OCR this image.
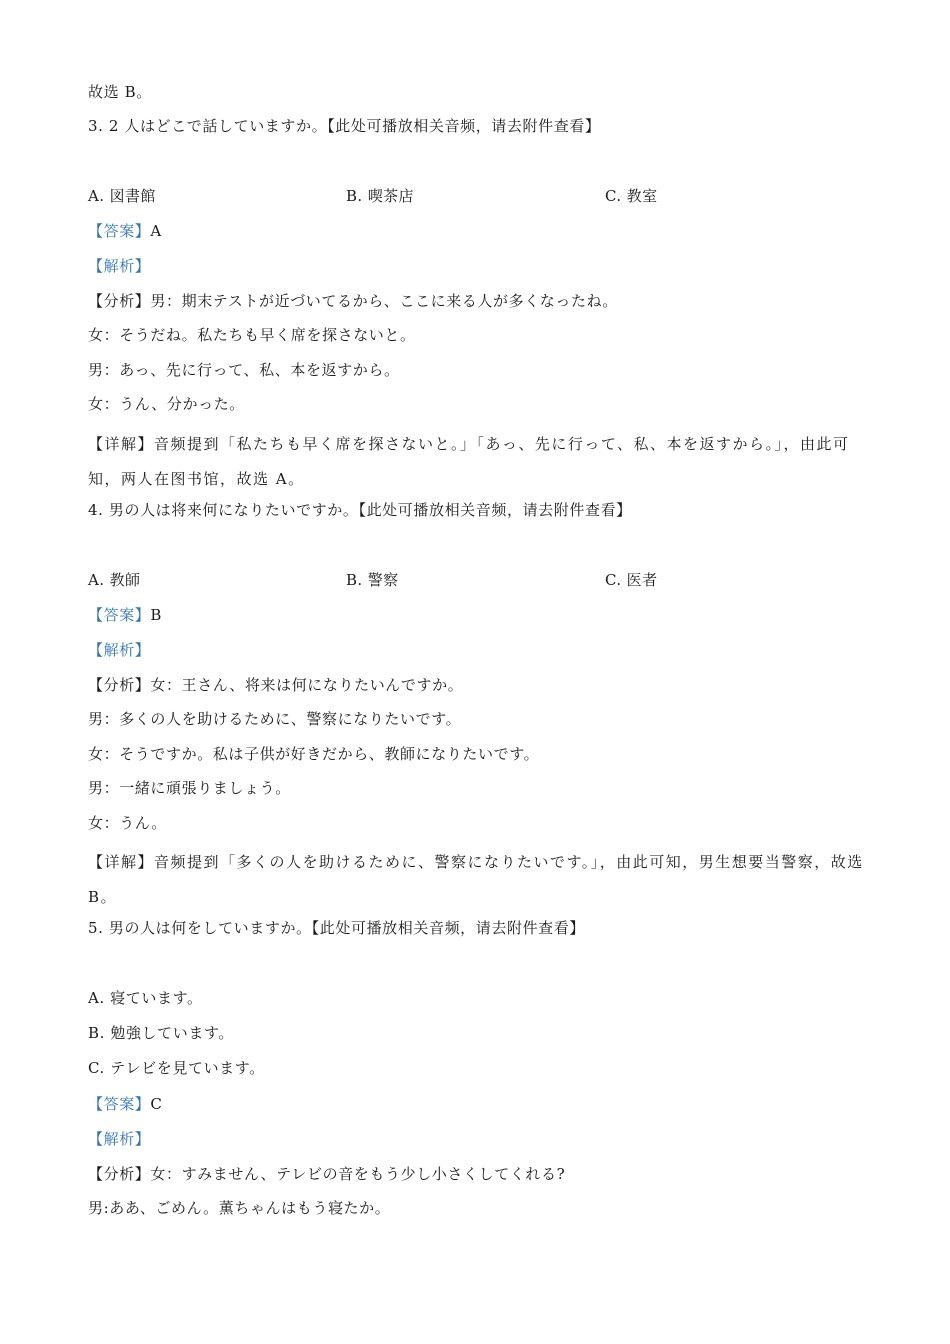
故选 B。
3. 2 人はどこで話していますか。【此处可播放相关音频，请去附件查看】
A. 図書館	B. 喫茶店	C. 教室
【答案】A
【解析】
【分析】男：期末テストが近づいてるから、ここに来る人が多くなったね。
女：そうだね。私たちも早く席を探さないと。
男：あっ、先に行って、私、本を返すから。
女：うん、分かった。
【详解】音频提到「私たちも早く席を探さないと。」「あっ、先に行って、私、本を返すから。」，由此可知，两人在图书馆，故选 A。
4. 男の人は将来何になりたいですか。【此处可播放相关音频，请去附件查看】
A. 教師	B. 警察	C. 医者
【答案】B
【解析】
【分析】女：王さん、将来は何になりたいんですか。
男：多くの人を助けるために、警察になりたいです。
女：そうですか。私は子供が好きだから、教師になりたいです。
男：一緒に頑張りましょう。
女：うん。
【详解】音频提到「多くの人を助けるために、警察になりたいです。」，由此可知，男生想要当警察，故选 B。
5. 男の人は何をしていますか。【此处可播放相关音频，请去附件查看】
A. 寝ています。
B. 勉強しています。
C. テレビを見ています。
【答案】C
【解析】
【分析】女：すみません、テレビの音をもう少し小さくしてくれる?
男:ああ、ごめん。薫ちゃんはもう寝たか。
